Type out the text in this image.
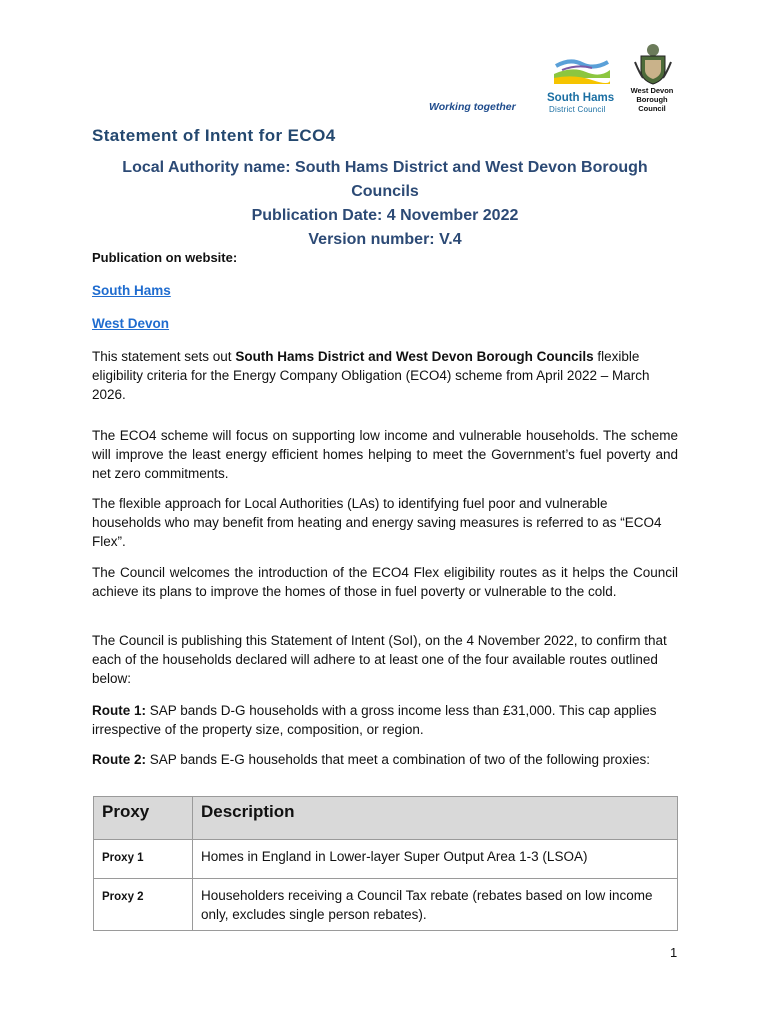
South Hams
District Council
Working together
West Devon
Borough
Council
Statement of Intent for ECO4
Local Authority name: South Hams District and West Devon Borough Councils
Publication Date: 4 November 2022
Version number: V.4
Publication on website:
South Hams
West Devon

This statement sets out South Hams District and West Devon Borough Councils flexible eligibility criteria for the Energy Company Obligation (ECO4) scheme from April 2022 – March 2026.

The ECO4 scheme will focus on supporting low income and vulnerable households. The scheme will improve the least energy efficient homes helping to meet the Government’s fuel poverty and net zero commitments.

The flexible approach for Local Authorities (LAs) to identifying fuel poor and vulnerable households who may benefit from heating and energy saving measures is referred to as “ECO4 Flex”.

The Council welcomes the introduction of the ECO4 Flex eligibility routes as it helps the Council achieve its plans to improve the homes of those in fuel poverty or vulnerable to the cold.

The Council is publishing this Statement of Intent (SoI), on the 4 November 2022, to confirm that each of the households declared will adhere to at least one of the four available routes outlined below:

Route 1: SAP bands D-G households with a gross income less than £31,000. This cap applies irrespective of the property size, composition, or region.

Route 2: SAP bands E-G households that meet a combination of two of the following proxies:

Proxy	Description
Proxy 1	Homes in England in Lower-layer Super Output Area 1-3 (LSOA)
Proxy 2	Householders receiving a Council Tax rebate (rebates based on low income only, excludes single person rebates).
1
